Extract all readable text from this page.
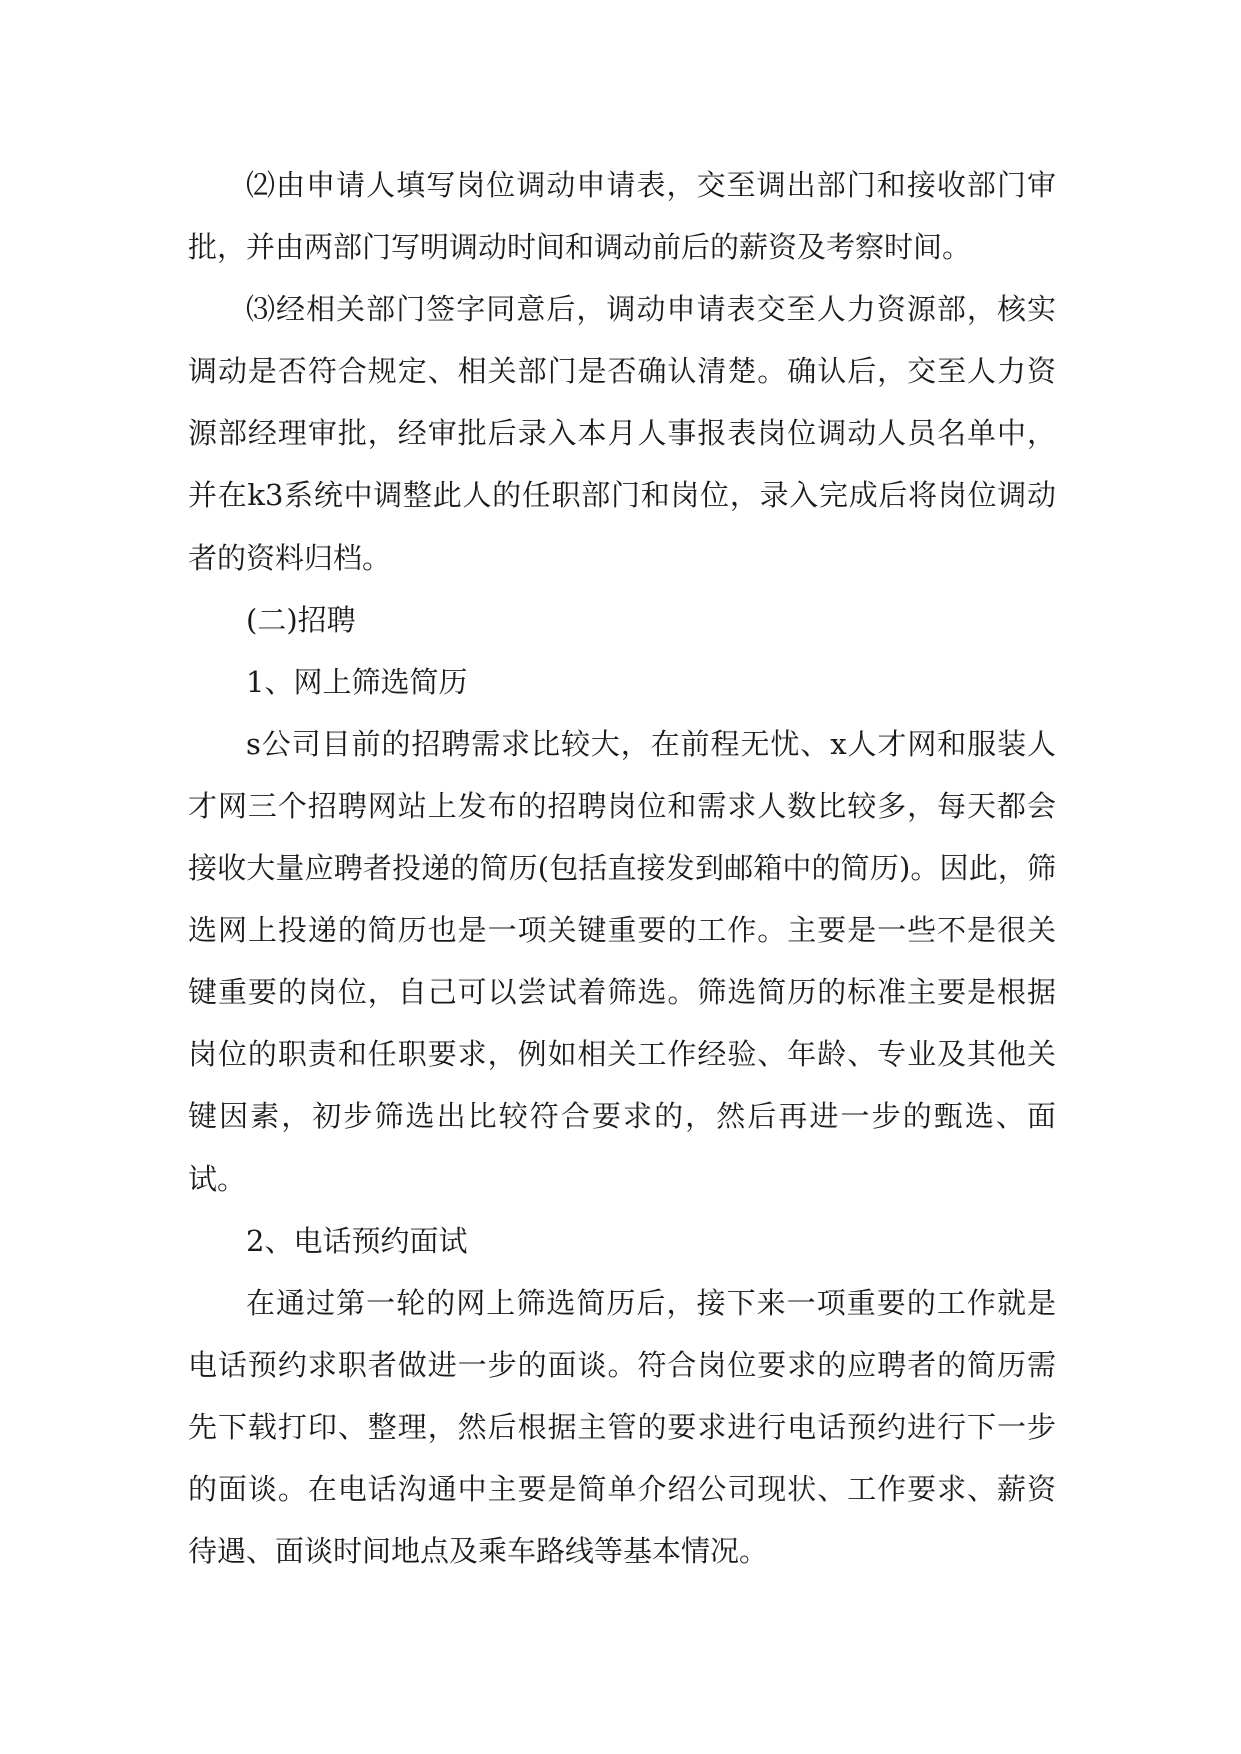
⑵由申请人填写岗位调动申请表，交至调出部门和接收部门审批，并由两部门写明调动时间和调动前后的薪资及考察时间。

⑶经相关部门签字同意后，调动申请表交至人力资源部，核实调动是否符合规定、相关部门是否确认清楚。确认后，交至人力资源部经理审批，经审批后录入本月人事报表岗位调动人员名单中，并在k3系统中调整此人的任职部门和岗位，录入完成后将岗位调动者的资料归档。

(二)招聘

1、网上筛选简历

s公司目前的招聘需求比较大，在前程无忧、x人才网和服装人才网三个招聘网站上发布的招聘岗位和需求人数比较多，每天都会接收大量应聘者投递的简历(包括直接发到邮箱中的简历)。因此，筛选网上投递的简历也是一项关键重要的工作。主要是一些不是很关键重要的岗位，自己可以尝试着筛选。筛选简历的标准主要是根据岗位的职责和任职要求，例如相关工作经验、年龄、专业及其他关键因素，初步筛选出比较符合要求的，然后再进一步的甄选、面试。

2、电话预约面试

在通过第一轮的网上筛选简历后，接下来一项重要的工作就是电话预约求职者做进一步的面谈。符合岗位要求的应聘者的简历需先下载打印、整理，然后根据主管的要求进行电话预约进行下一步的面谈。在电话沟通中主要是简单介绍公司现状、工作要求、薪资待遇、面谈时间地点及乘车路线等基本情况。
